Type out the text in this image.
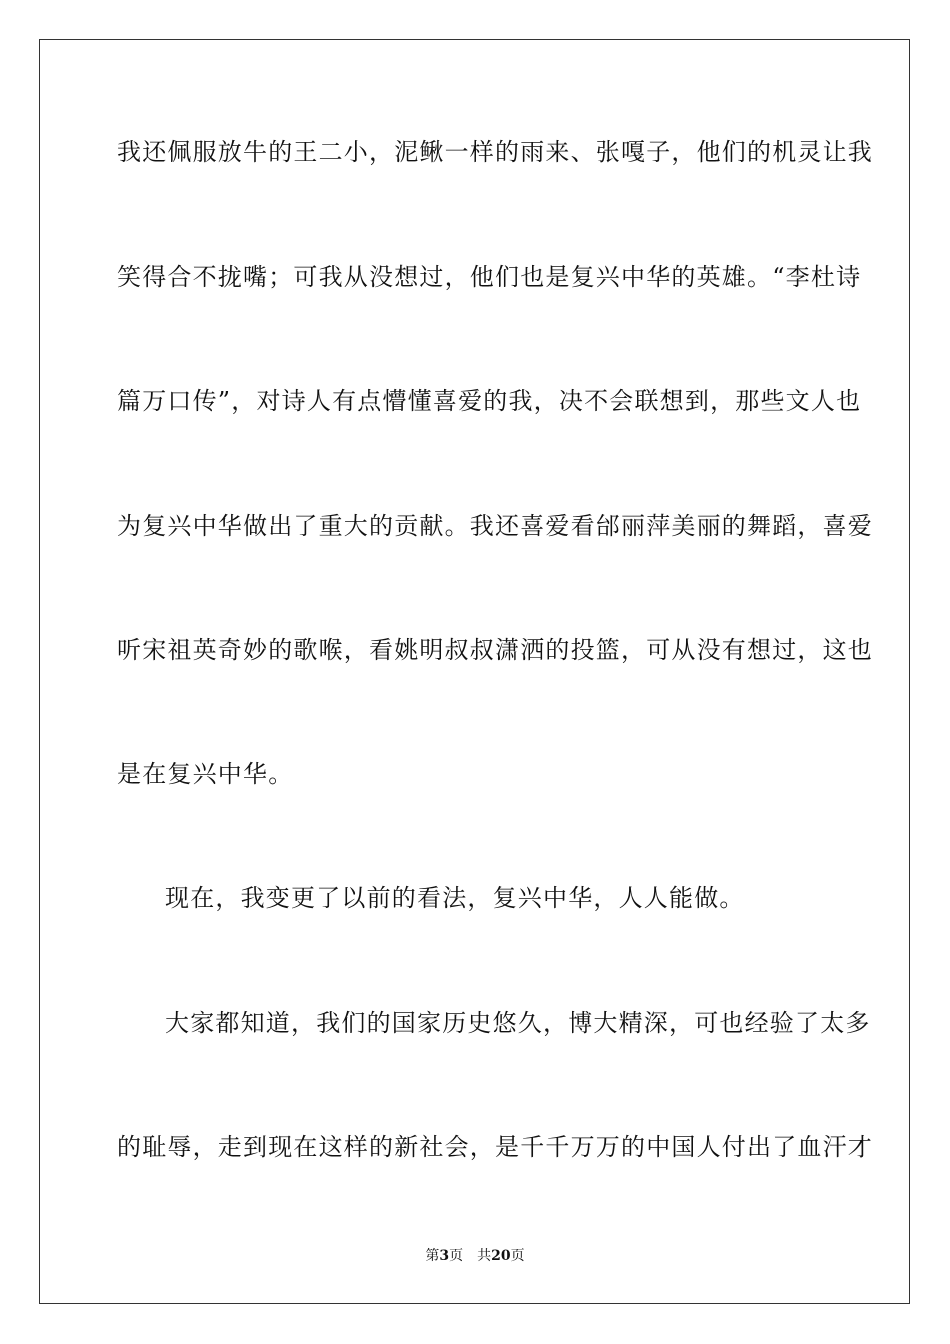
我还佩服放牛的王二小，泥鳅一样的雨来、张嘎子，他们的机灵让我
笑得合不拢嘴；可我从没想过，他们也是复兴中华的英雄。“李杜诗
篇万口传”，对诗人有点懵懂喜爱的我，决不会联想到，那些文人也
为复兴中华做出了重大的贡献。我还喜爱看邰丽萍美丽的舞蹈，喜爱
听宋祖英奇妙的歌喉，看姚明叔叔潇洒的投篮，可从没有想过，这也
是在复兴中华。
现在，我变更了以前的看法，复兴中华，人人能做。
大家都知道，我们的国家历史悠久，博大精深，可也经验了太多
的耻辱，走到现在这样的新社会，是千千万万的中国人付出了血汗才
第3页 共20页
